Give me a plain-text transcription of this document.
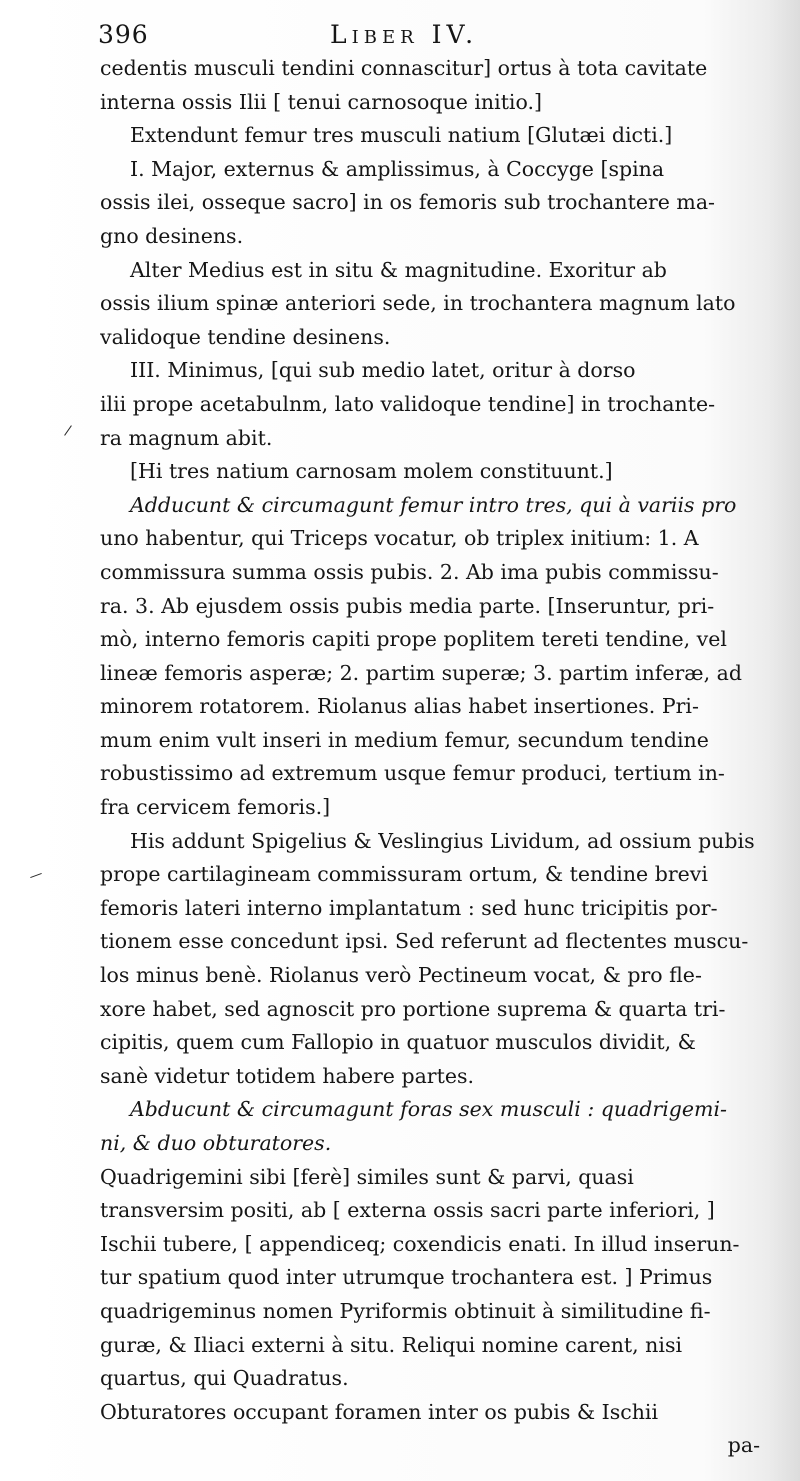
396	Liber IV.
cedentis musculi tendini connascitur] ortus à tota cavitate
interna ossis Ilii [ tenui carnosoque initio.]
Extendunt femur tres musculi natium [Glutæi dicti.]
I. Major, externus & amplissimus, à Coccyge [spina
ossis ilei, osseque sacro] in os femoris sub trochantere ma-
gno desinens.
Alter Medius est in situ & magnitudine. Exoritur ab
ossis ilium spinæ anteriori sede, in trochantera magnum lato
validoque tendine desinens.
III. Minimus, [qui sub medio latet, oritur à dorso
ilii prope acetabulnm, lato validoque tendine] in trochante-
ra magnum abit.
[Hi tres natium carnosam molem constituunt.]
Adducunt & circumagunt femur intro tres, qui à variis pro
uno habentur, qui Triceps vocatur, ob triplex initium: 1. A
commissura summa ossis pubis. 2. Ab ima pubis commissu-
ra. 3. Ab ejusdem ossis pubis media parte. [Inseruntur, pri-
mò, interno femoris capiti prope poplitem tereti tendine, vel
lineæ femoris asperæ; 2. partim superæ; 3. partim inferæ, ad
minorem rotatorem. Riolanus alias habet insertiones. Pri-
mum enim vult inseri in medium femur, secundum tendine
robustissimo ad extremum usque femur produci, tertium in-
fra cervicem femoris.]
His addunt Spigelius & Veslingius Lividum, ad ossium pubis
prope cartilagineam commissuram ortum, & tendine brevi
femoris lateri interno implantatum : sed hunc tricipitis por-
tionem esse concedunt ipsi. Sed referunt ad flectentes muscu-
los minus benè. Riolanus verò Pectineum vocat, & pro fle-
xore habet, sed agnoscit pro portione suprema & quarta tri-
cipitis, quem cum Fallopio in quatuor musculos dividit, &
sanè videtur totidem habere partes.
Abducunt & circumagunt foras sex musculi : quadrigemi-
ni, & duo obturatores.
Quadrigemini sibi [ferè] similes sunt & parvi, quasi
transversim positi, ab [ externa ossis sacri parte inferiori, ]
Ischii tubere, [ appendiceq; coxendicis enati. In illud inserun-
tur spatium quod inter utrumque trochantera est. ] Primus
quadrigeminus nomen Pyriformis obtinuit à similitudine fi-
guræ, & Iliaci externi à situ. Reliqui nomine carent, nisi
quartus, qui Quadratus.
Obturatores occupant foramen inter os pubis & Ischii
pa-
